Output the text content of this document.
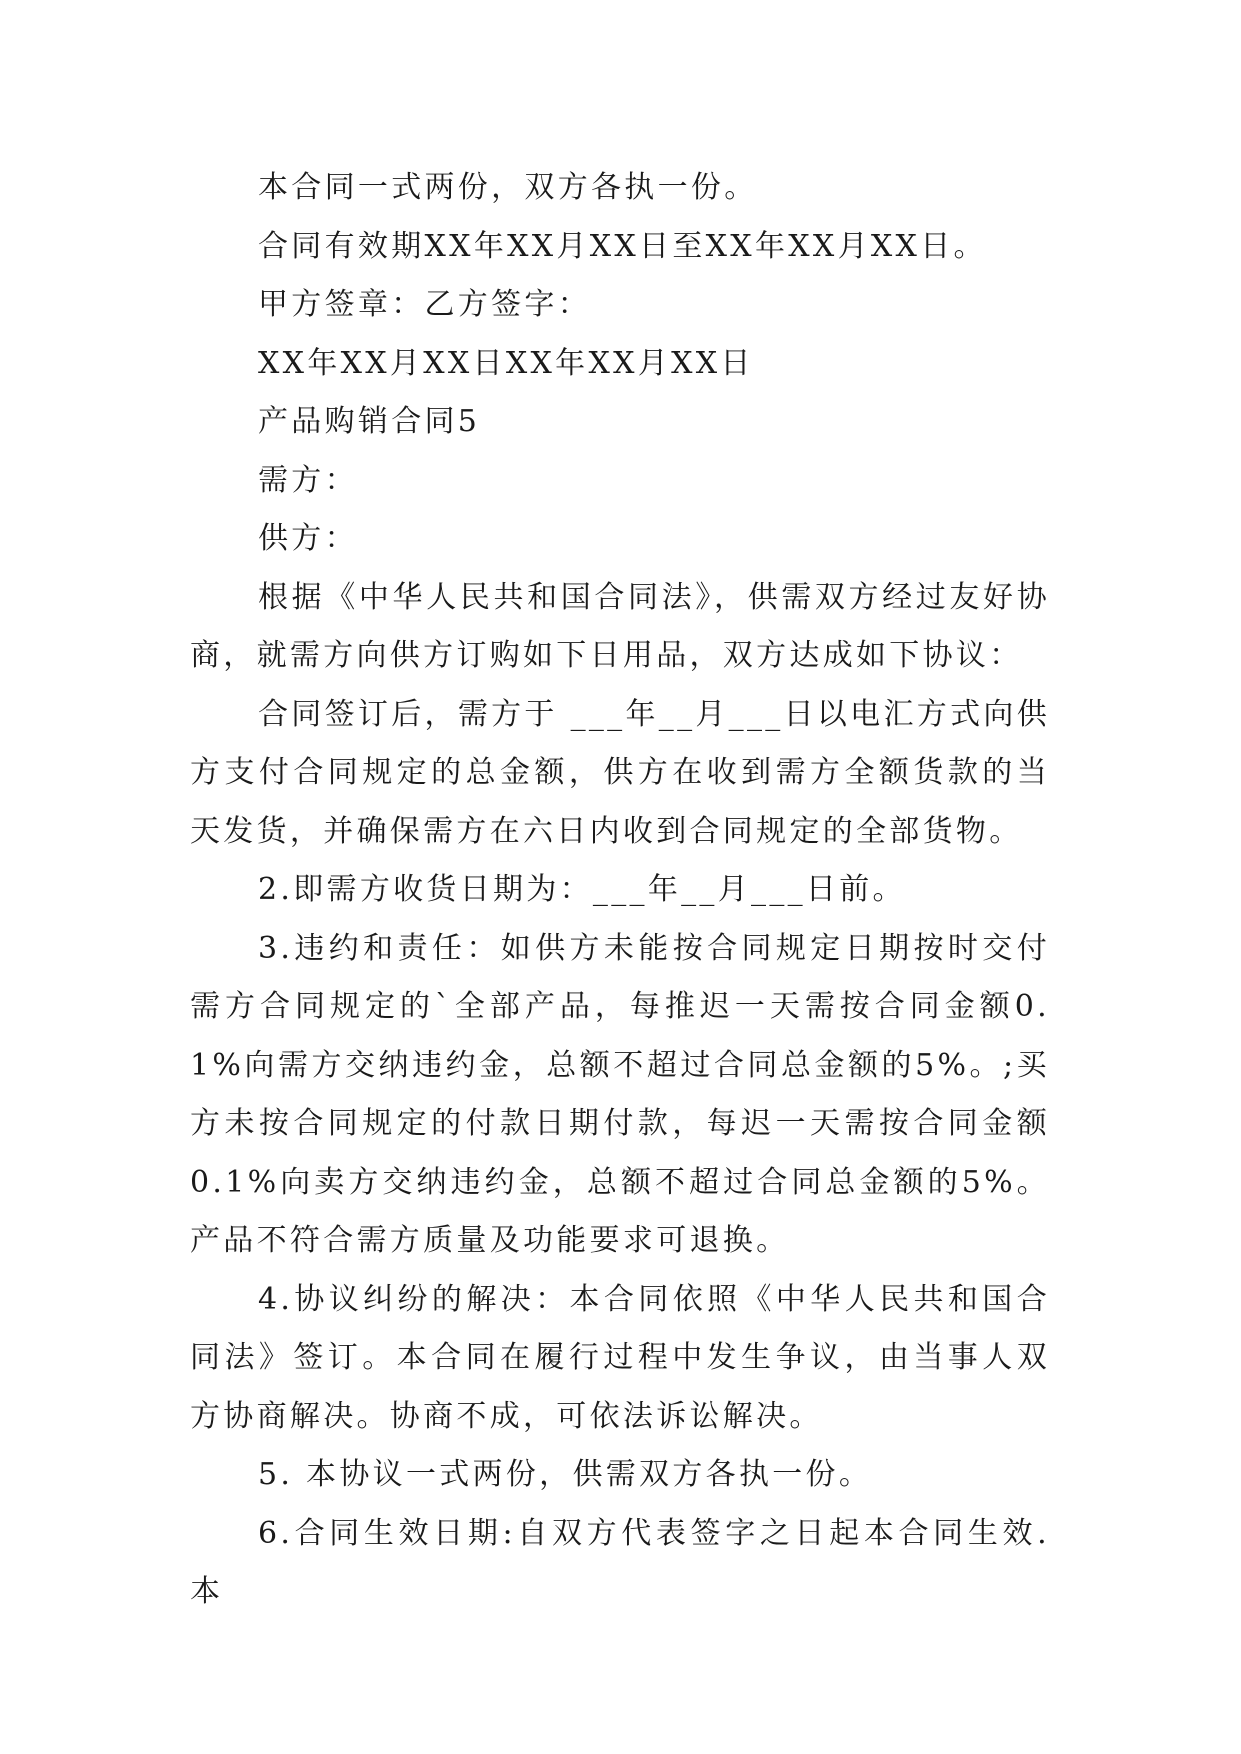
本合同一式两份，双方各执一份。

合同有效期XX年XX月XX日至XX年XX月XX日。

甲方签章：乙方签字：

XX年XX月XX日XX年XX月XX日

产品购销合同5

需方：

供方：

根据《中华人民共和国合同法》，供需双方经过友好协商，就需方向供方订购如下日用品，双方达成如下协议：

合同签订后，需方于 ___年__月___日以电汇方式向供方支付合同规定的总金额，供方在收到需方全额货款的当天发货，并确保需方在六日内收到合同规定的全部货物。

2.即需方收货日期为：___年__月___日前。

3.违约和责任：如供方未能按合同规定日期按时交付需方合同规定的`全部产品，每推迟一天需按合同金额0.1%向需方交纳违约金，总额不超过合同总金额的5%。;买方未按合同规定的付款日期付款，每迟一天需按合同金额0.1%向卖方交纳违约金，总额不超过合同总金额的5%。产品不符合需方质量及功能要求可退换。

4.协议纠纷的解决：本合同依照《中华人民共和国合同法》签订。本合同在履行过程中发生争议，由当事人双方协商解决。协商不成，可依法诉讼解决。

5. 本协议一式两份，供需双方各执一份。

6.合同生效日期:自双方代表签字之日起本合同生效.本
